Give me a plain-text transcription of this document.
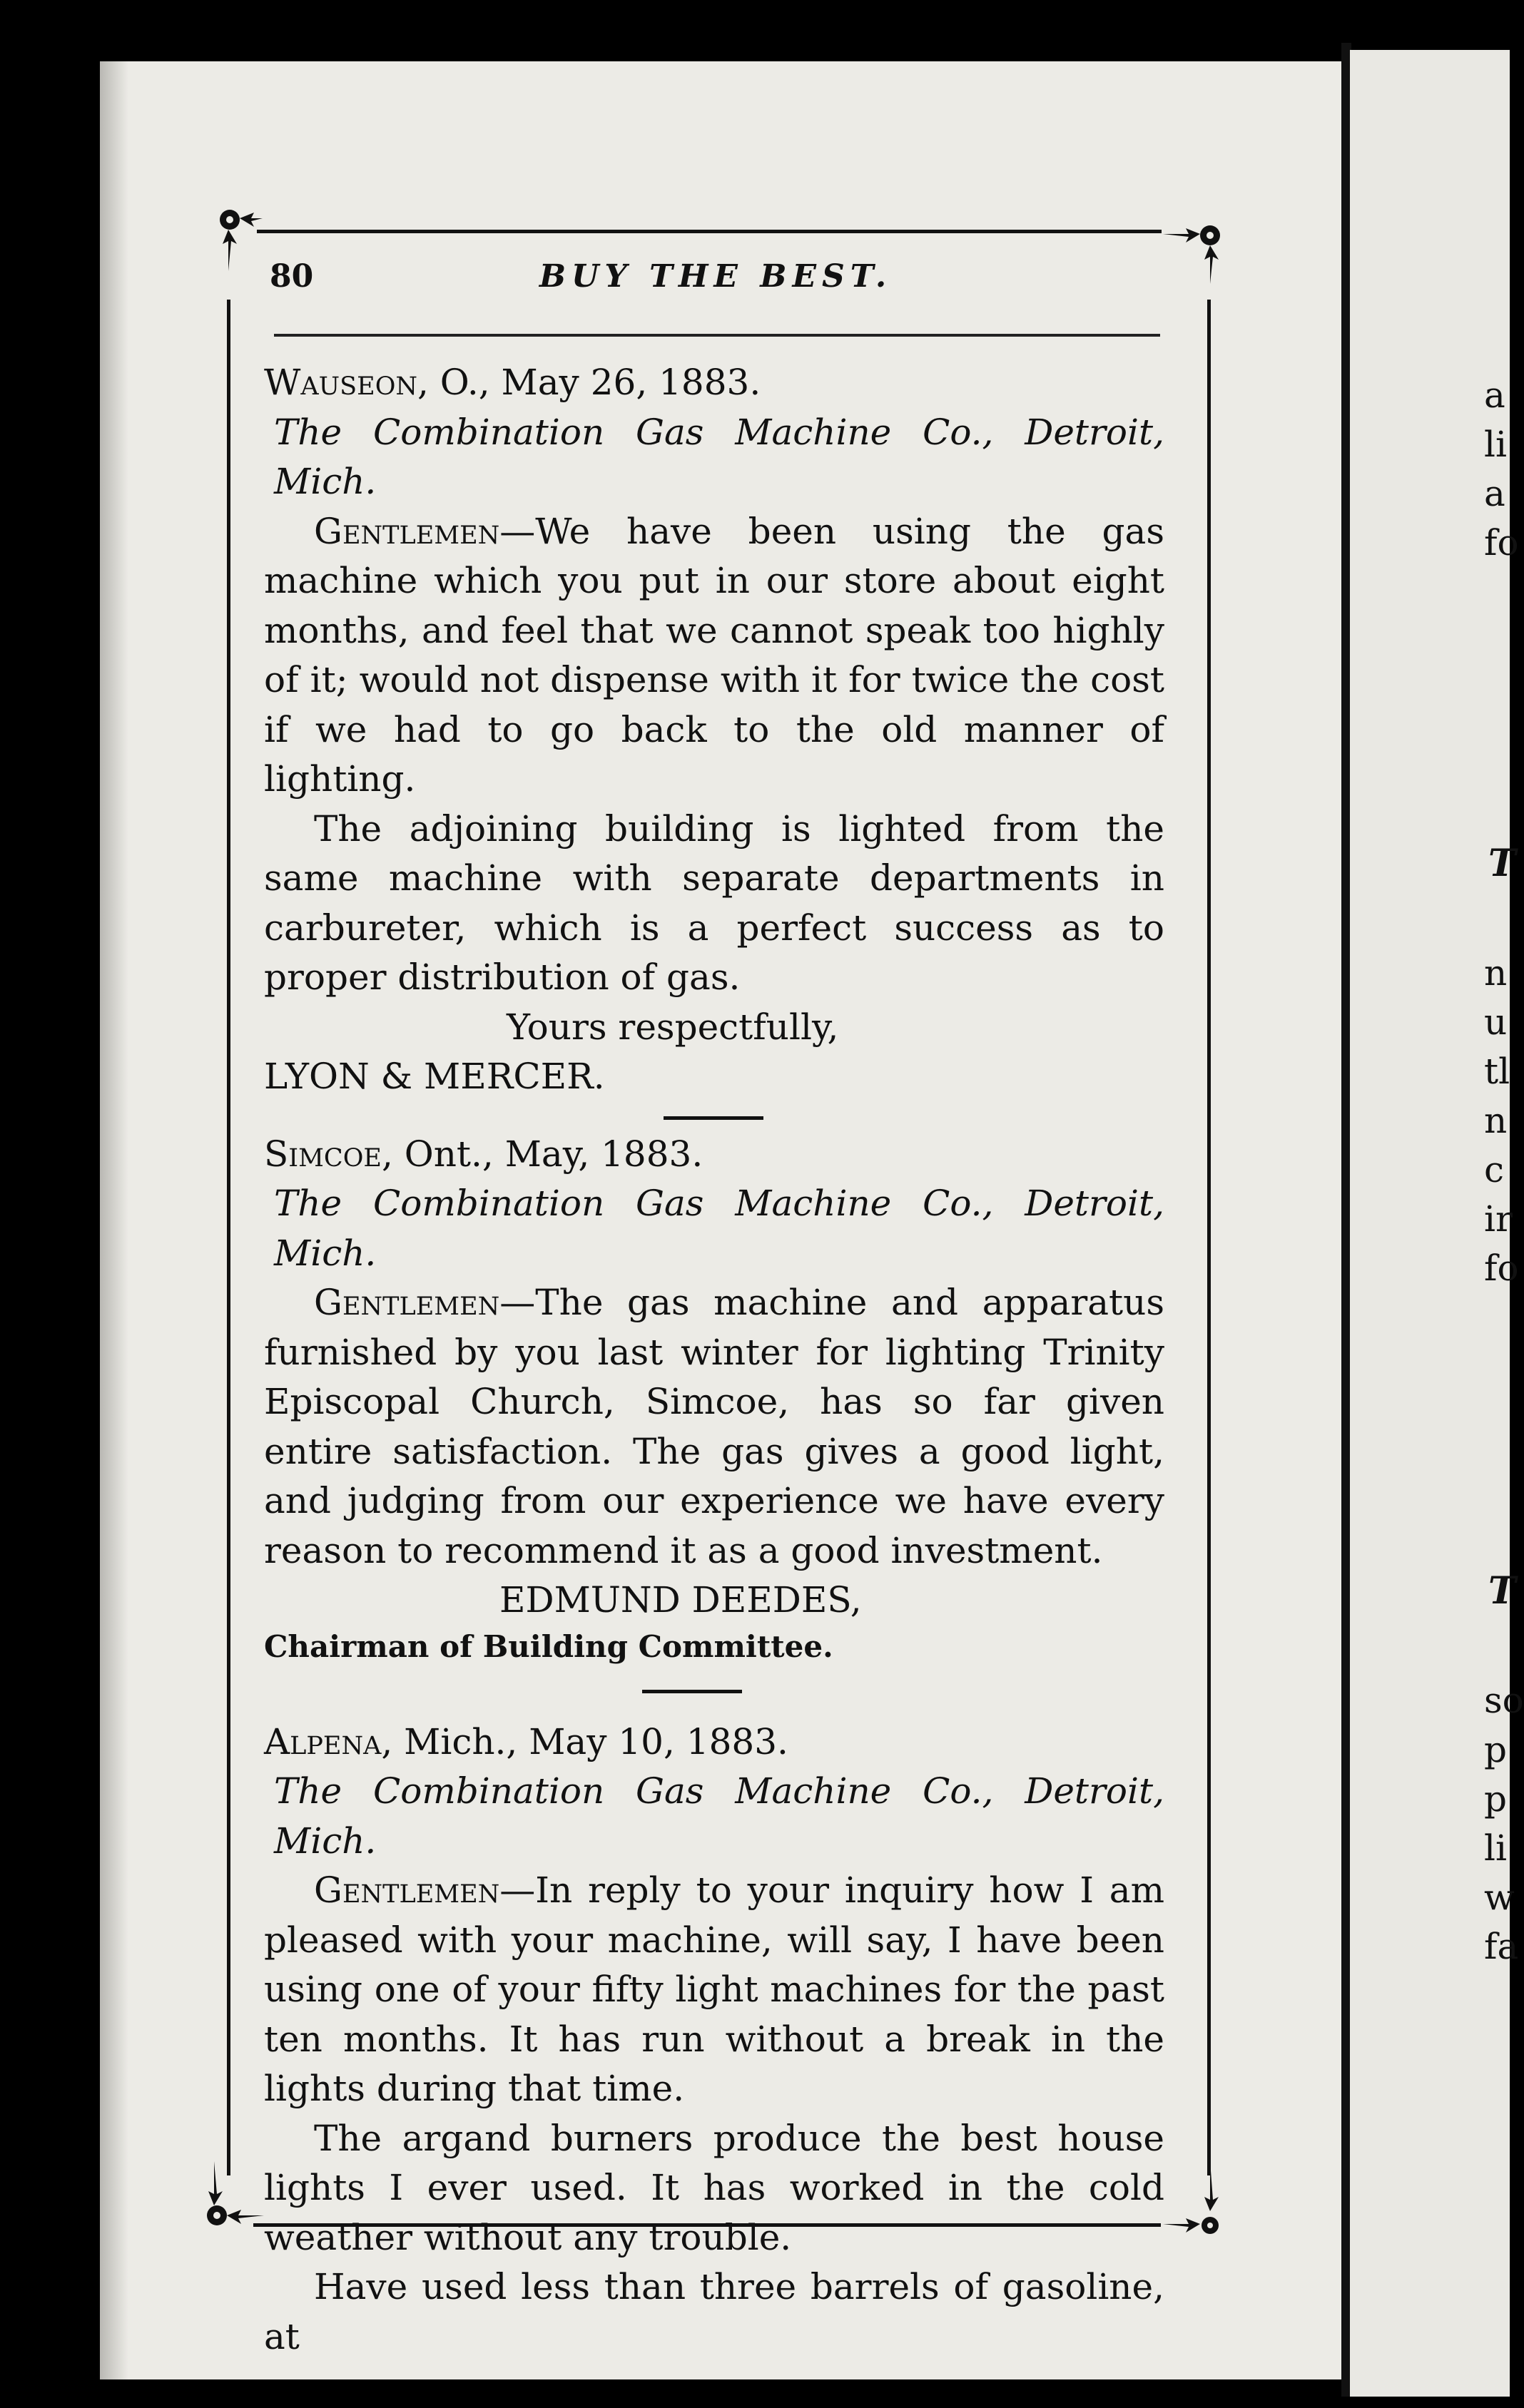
80	BUY THE BEST.

Wauseon, O., May 26, 1883.

The Combination Gas Machine Co., Detroit, Mich.

Gentlemen—We have been using the gas machine which you put in our store about eight months, and feel that we cannot speak too highly of it; would not dispense with it for twice the cost if we had to go back to the old manner of lighting.

The adjoining building is lighted from the same machine with separate departments in carbureter, which is a perfect success as to proper distribution of gas.

Yours respectfully,

LYON & MERCER.

Simcoe, Ont., May, 1883.

The Combination Gas Machine Co., Detroit, Mich.

Gentlemen—The gas machine and apparatus furnished by you last winter for lighting Trinity Episcopal Church, Simcoe, has so far given entire satisfaction. The gas gives a good light, and judging from our experience we have every reason to recommend it as a good investment.

EDMUND DEEDES,

Chairman of Building Committee.

Alpena, Mich., May 10, 1883.

The Combination Gas Machine Co., Detroit, Mich.

Gentlemen—In reply to your inquiry how I am pleased with your machine, will say, I have been using one of your fifty light machines for the past ten months. It has run without a break in the lights during that time.

The argand burners produce the best house lights I ever used. It has worked in the cold weather without any trouble.

Have used less than three barrels of gasoline, at

a
li
a
fo
T
n
u
tl
n
c
ir
fo
T
so
p
p
li
w
fa
